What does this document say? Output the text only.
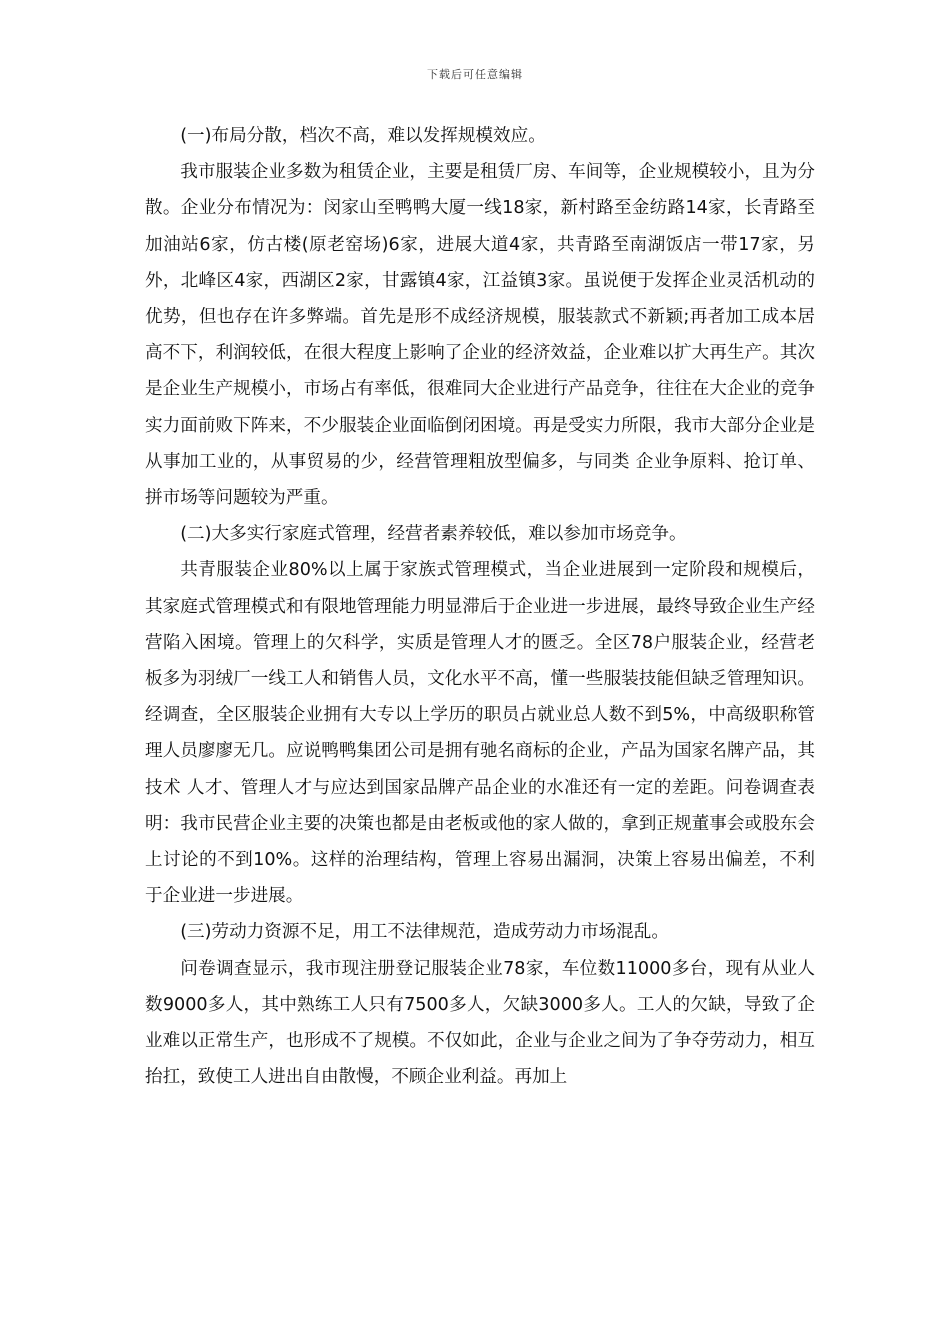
下载后可任意编辑

(一)布局分散，档次不高，难以发挥规模效应。

我市服装企业多数为租赁企业，主要是租赁厂房、车间等，企业规模较小，且为分散。企业分布情况为：闵家山至鸭鸭大厦一线18家，新村路至金纺路14家，长青路至加油站6家，仿古楼(原老窑场)6家，进展大道4家，共青路至南湖饭店一带17家，另外，北峰区4家，西湖区2家，甘露镇4家，江益镇3家。虽说便于发挥企业灵活机动的优势，但也存在许多弊端。首先是形不成经济规模，服装款式不新颖;再者加工成本居高不下，利润较低，在很大程度上影响了企业的经济效益，企业难以扩大再生产。其次是企业生产规模小，市场占有率低，很难同大企业进行产品竞争，往往在大企业的竞争实力面前败下阵来，不少服装企业面临倒闭困境。再是受实力所限，我市大部分企业是从事加工业的，从事贸易的少，经营管理粗放型偏多，与同类 企业争原料、抢订单、拼市场等问题较为严重。

(二)大多实行家庭式管理，经营者素养较低，难以参加市场竞争。

共青服装企业80%以上属于家族式管理模式，当企业进展到一定阶段和规模后，其家庭式管理模式和有限地管理能力明显滞后于企业进一步进展，最终导致企业生产经营陷入困境。管理上的欠科学，实质是管理人才的匮乏。全区78户服装企业，经营老板多为羽绒厂一线工人和销售人员，文化水平不高，懂一些服装技能但缺乏管理知识。经调查，全区服装企业拥有大专以上学历的职员占就业总人数不到5%，中高级职称管理人员廖廖无几。应说鸭鸭集团公司是拥有驰名商标的企业，产品为国家名牌产品，其技术 人才、管理人才与应达到国家品牌产品企业的水准还有一定的差距。问卷调查表明：我市民营企业主要的决策也都是由老板或他的家人做的，拿到正规董事会或股东会上讨论的不到10%。这样的治理结构，管理上容易出漏洞，决策上容易出偏差，不利于企业进一步进展。

(三)劳动力资源不足，用工不法律规范，造成劳动力市场混乱。

问卷调查显示，我市现注册登记服装企业78家，车位数11000多台，现有从业人数9000多人，其中熟练工人只有7500多人，欠缺3000多人。工人的欠缺，导致了企业难以正常生产，也形成不了规模。不仅如此，企业与企业之间为了争夺劳动力，相互抬扛，致使工人进出自由散慢，不顾企业利益。再加上
